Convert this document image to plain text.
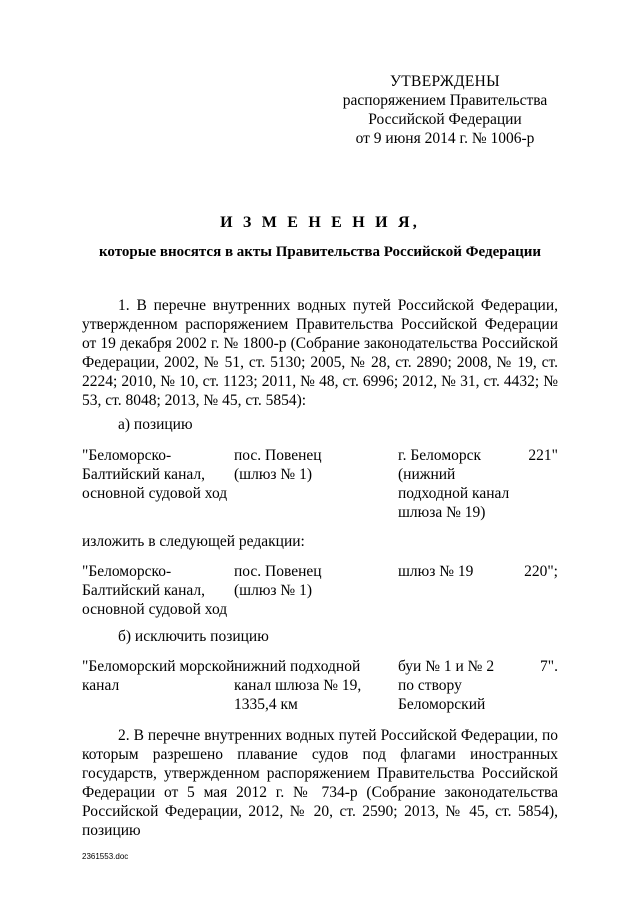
УТВЕРЖДЕНЫ
распоряжением Правительства
Российской Федерации
от 9 июня 2014 г. № 1006-р
И З М Е Н Е Н И Я,
которые вносятся в акты Правительства Российской Федерации
1. В перечне внутренних водных путей Российской Федерации, утвержденном распоряжением Правительства Российской Федерации от 19 декабря 2002 г. № 1800-р (Собрание законодательства Российской Федерации, 2002, № 51, ст. 5130; 2005, № 28, ст. 2890; 2008, № 19, ст. 2224; 2010, № 10, ст. 1123; 2011, № 48, ст. 6996; 2012, № 31, ст. 4432; № 53, ст. 8048; 2013, № 45, ст. 5854):
а) позицию
"Беломорско-
Балтийский канал,
основной судовой ход
пос. Повенец
(шлюз № 1)
г. Беломорск
(нижний
подходной канал
шлюза № 19)
221"
изложить в следующей редакции:
"Беломорско-
Балтийский канал,
основной судовой ход
пос. Повенец
(шлюз № 1)
шлюз № 19	220";
б) исключить позицию
"Беломорский морской
канал
нижний подходной
канал шлюза № 19,
1335,4 км
буи № 1 и № 2
по створу
Беломорский
7".
2. В перечне внутренних водных путей Российской Федерации, по которым разрешено плавание судов под флагами иностранных государств, утвержденном распоряжением Правительства Российской Федерации от 5 мая 2012 г. № 734-р (Собрание законодательства Российской Федерации, 2012, № 20, ст. 2590; 2013, № 45, ст. 5854), позицию
2361553.doc
